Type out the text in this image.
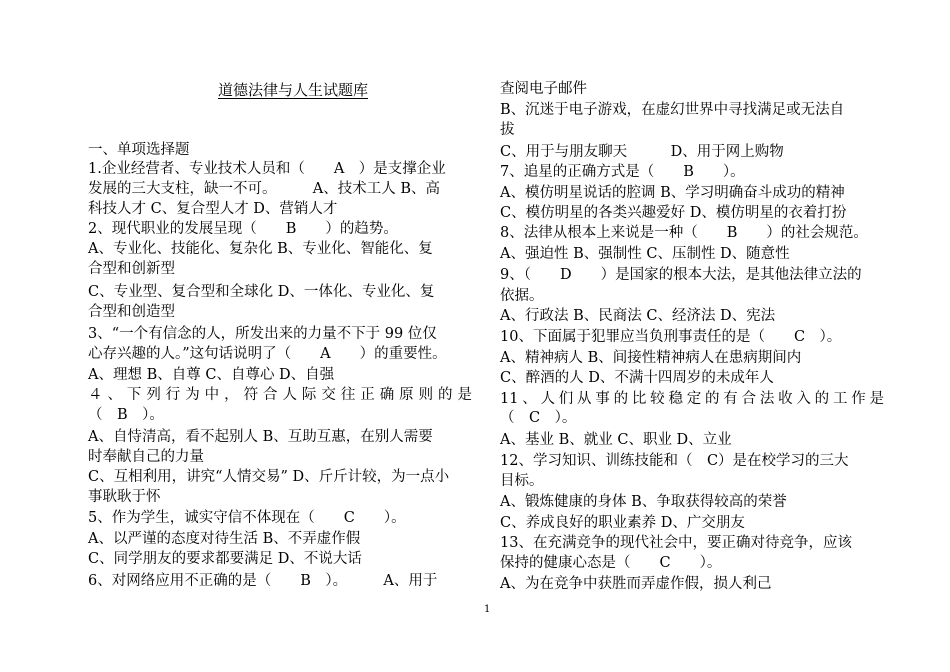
道德法律与人生试题库
一、单项选择题
1.企业经营者、专业技术人员和（　　A　）是支撑企业
发展的三大支柱，缺一不可。　　　A、技术工人 B、高
科技人才 C、复合型人才 D、营销人才
2、现代职业的发展呈现（　　B　　）的趋势。
A、专业化、技能化、复杂化 B、专业化、智能化、复
合型和创新型
C、专业型、复合型和全球化 D、一体化、专业化、复
合型和创造型
3、“一个有信念的人，所发出来的力量不下于 99 位仅
心存兴趣的人。”这句话说明了（　　A　　）的重要性。
A、理想 B、自尊 C、自尊心 D、自强
４、下列行为中，符合人际交往正确原则的是
（　B　）。
A、自恃清高，看不起别人 B、互助互惠，在别人需要
时奉献自己的力量
C、互相利用，讲究“人情交易” D、斤斤计较，为一点小
事耿耿于怀
5、作为学生，诚实守信不体现在（　　C　　）。
A、以严谨的态度对待生活 B、不弄虚作假
C、同学朋友的要求都要满足 D、不说大话
6、对网络应用不正确的是（　　B　）。　　　A、用于
查阅电子邮件
B、沉迷于电子游戏，在虚幻世界中寻找满足或无法自
拔
C、用于与朋友聊天　　　D、用于网上购物
7、追星的正确方式是（　　B　　）。
A、模仿明星说话的腔调 B、学习明确奋斗成功的精神
C、模仿明星的各类兴趣爱好 D、模仿明星的衣着打扮
8、法律从根本上来说是一种（　　B　　）的社会规范。
A、强迫性 B、强制性 C、压制性 D、随意性
9、（　　D　　）是国家的根本大法，是其他法律立法的
依据。
A、行政法 B、民商法 C、经济法 D、宪法
10、下面属于犯罪应当负刑事责任的是（　　C　）。
A、精神病人 B、间接性精神病人在患病期间内
C、醉酒的人 D、不满十四周岁的未成年人
11、人们从事的比较稳定的有合法收入的工作是
（　C　）。
A、基业 B、就业 C、职业 D、立业
12、学习知识、训练技能和（　C）是在校学习的三大
目标。
A、锻炼健康的身体 B、争取获得较高的荣誉
C、养成良好的职业素养 D、广交朋友
13、在充满竞争的现代社会中，要正确对待竞争，应该
保持的健康心态是（　　C　　）。
A、为在竞争中获胜而弄虚作假，损人利己
1
